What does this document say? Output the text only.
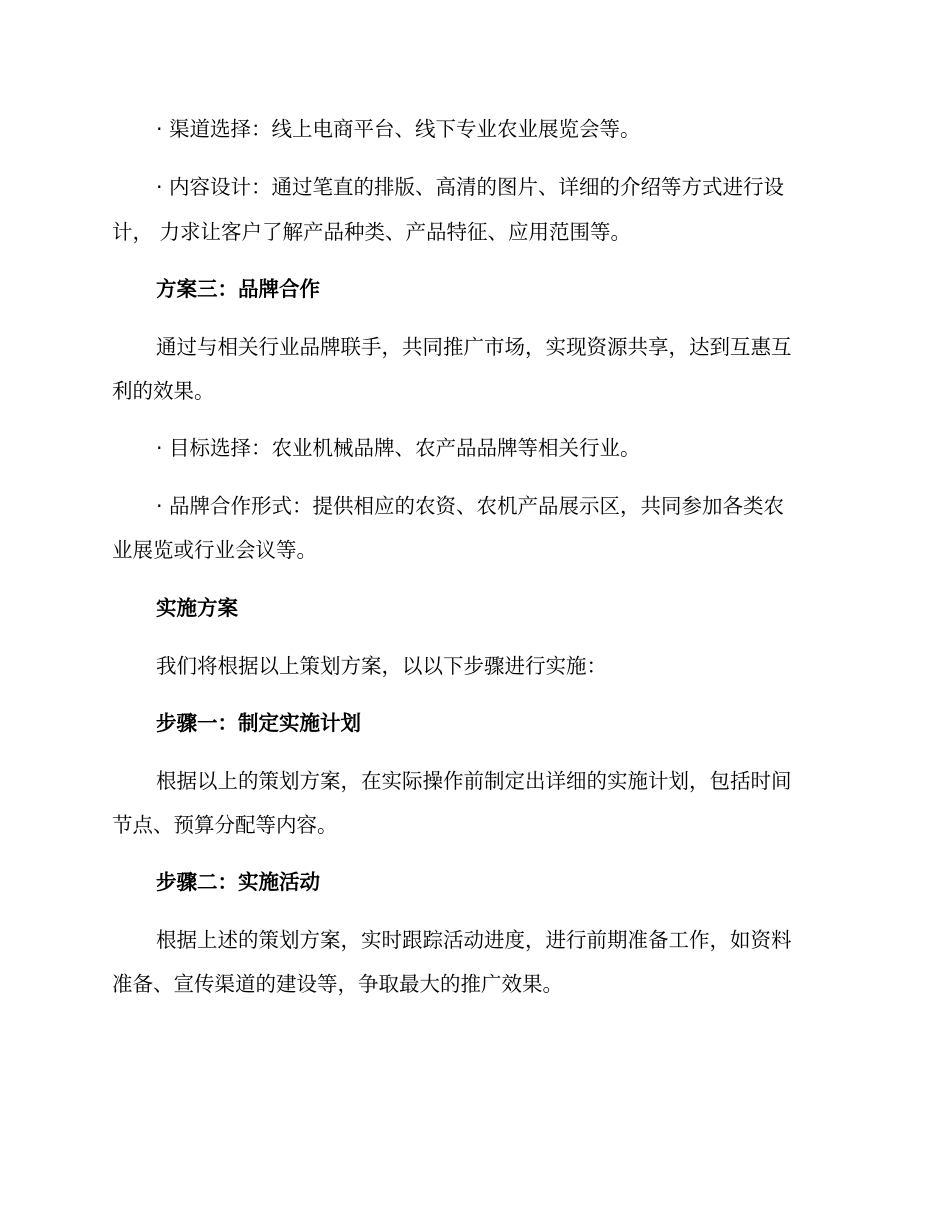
· 渠道选择：线上电商平台、线下专业农业展览会等。
· 内容设计：通过笔直的排版、高清的图片、详细的介绍等方式进行设
计， 力求让客户了解产品种类、产品特征、应用范围等。
方案三：品牌合作
通过与相关行业品牌联手，共同推广市场，实现资源共享，达到互惠互
利的效果。
· 目标选择：农业机械品牌、农产品品牌等相关行业。
· 品牌合作形式：提供相应的农资、农机产品展示区，共同参加各类农
业展览或行业会议等。
实施方案
我们将根据以上策划方案，以以下步骤进行实施：
步骤一：制定实施计划
根据以上的策划方案，在实际操作前制定出详细的实施计划，包括时间
节点、预算分配等内容。
步骤二：实施活动
根据上述的策划方案，实时跟踪活动进度，进行前期准备工作，如资料
准备、宣传渠道的建设等，争取最大的推广效果。
